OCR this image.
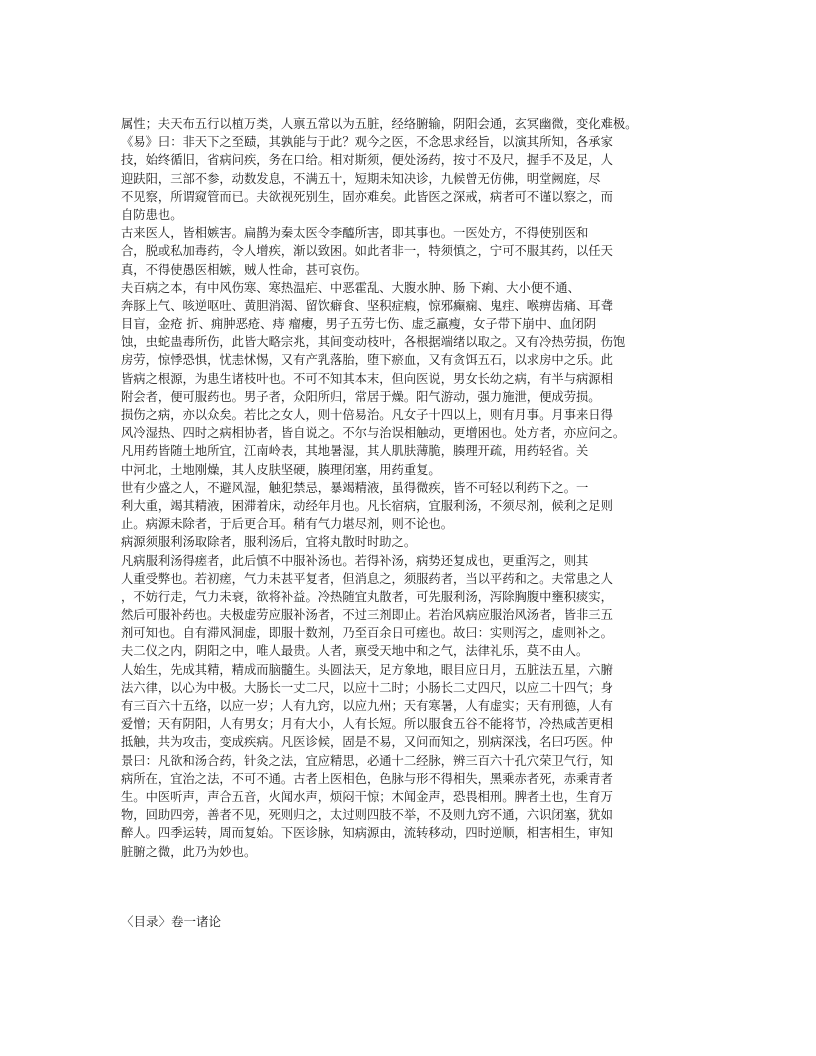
属性；夫天布五行以植万类，人禀五常以为五脏，经络腑输，阴阳会通，玄冥幽微，变化难极。
《易》曰：非天下之至赜，其孰能与于此？观今之医，不念思求经旨，以演其所知，各承家
技，始终循旧，省病问疾，务在口给。相对斯须，便处汤药，按寸不及尺，握手不及足，人
迎趺阳，三部不参，动数发息，不满五十，短期未知决诊，九候曾无仿佛，明堂阙庭，尽
不见察，所谓窥管而已。夫欲视死别生，固亦难矣。此皆医之深戒，病者可不谨以察之，而
自防患也。
古来医人，皆相嫉害。扁鹊为秦太医令李醯所害，即其事也。一医处方，不得使别医和
合，脱或私加毒药，令人增疾，渐以致困。如此者非一，特须慎之，宁可不服其药，以任天
真，不得使愚医相嫉，贼人性命，甚可哀伤。
夫百病之本，有中风伤寒、寒热温疟、中恶霍乱、大腹水肿、肠 下痢、大小便不通、
奔豚上气、咳逆呕吐、黄胆消渴、留饮癖食、坚积症瘕，惊邪癫痫、鬼疰、喉痹齿痛、耳聋
目盲，金疮 折、痈肿恶疮、痔 瘤瘿，男子五劳七伤、虚乏羸瘦，女子带下崩中、血闭阴
蚀，虫蛇蛊毒所伤，此皆大略宗兆，其间变动枝叶，各根据端绪以取之。又有冷热劳损，伤饱
房劳，惊悸恐惧，忧恚怵惕，又有产乳落胎，堕下瘀血，又有贪饵五石，以求房中之乐。此
皆病之根源，为患生诸枝叶也。不可不知其本末，但向医说，男女长幼之病，有半与病源相
附会者，便可服药也。男子者，众阳所归，常居于燥。阳气游动，强力施泄，便成劳损。
损伤之病，亦以众矣。若比之女人，则十倍易治。凡女子十四以上，则有月事。月事来日得
风冷湿热、四时之病相协者，皆自说之。不尔与治误相触动，更增困也。处方者，亦应问之。
凡用药皆随土地所宜，江南岭表，其地暑湿，其人肌肤薄脆，腠理开疏，用药轻省。关
中河北，土地刚燥，其人皮肤坚硬，腠理闭塞，用药重复。
世有少盛之人，不避风湿，触犯禁忌，暴竭精液，虽得微疾，皆不可轻以利药下之。一
利大重，竭其精液，困滞着床，动经年月也。凡长宿病，宜服利汤，不须尽剂，候利之足则
止。病源未除者，于后更合耳。稍有气力堪尽剂，则不论也。
病源须服利汤取除者，服利汤后，宜将丸散时时助之。
凡病服利汤得瘥者，此后慎不中服补汤也。若得补汤，病势还复成也，更重泻之，则其
人重受弊也。若初瘥，气力未甚平复者，但消息之，须服药者，当以平药和之。夫常患之人
，不妨行走，气力未衰，欲将补益。冷热随宜丸散者，可先服利汤，泻除胸腹中壅积痰实，
然后可服补药也。夫极虚劳应服补汤者，不过三剂即止。若治风病应服治风汤者，皆非三五
剂可知也。自有滞风洞虚，即服十数剂，乃至百余日可瘥也。故曰：实则泻之，虚则补之。
夫二仪之内，阴阳之中，唯人最贵。人者，禀受天地中和之气，法律礼乐，莫不由人。
人始生，先成其精，精成而脑髓生。头圆法天，足方象地，眼目应日月，五脏法五星，六腑
法六律，以心为中极。大肠长一丈二尺，以应十二时；小肠长二丈四尺，以应二十四气；身
有三百六十五络，以应一岁；人有九窍，以应九州；天有寒暑，人有虚实；天有刑德，人有
爱憎；天有阴阳，人有男女；月有大小，人有长短。所以服食五谷不能将节，冷热咸苦更相
抵触，共为攻击，变成疾病。凡医诊候，固是不易，又问而知之，别病深浅，名曰巧医。仲
景曰：凡欲和汤合药，针灸之法，宜应精思，必通十二经脉，辨三百六十孔穴荣卫气行，知
病所在，宜治之法，不可不通。古者上医相色，色脉与形不得相失，黑乘赤者死，赤乘青者
生。中医听声，声合五音，火闻水声，烦闷干惊；木闻金声，恐畏相刑。脾者土也，生育万
物，回助四旁，善者不见，死则归之，太过则四肢不举，不及则九窍不通，六识闭塞，犹如
醉人。四季运转，周而复始。下医诊脉，知病源由，流转移动，四时逆顺，相害相生，审知
脏腑之微，此乃为妙也。
〈目录〉卷一诸论
